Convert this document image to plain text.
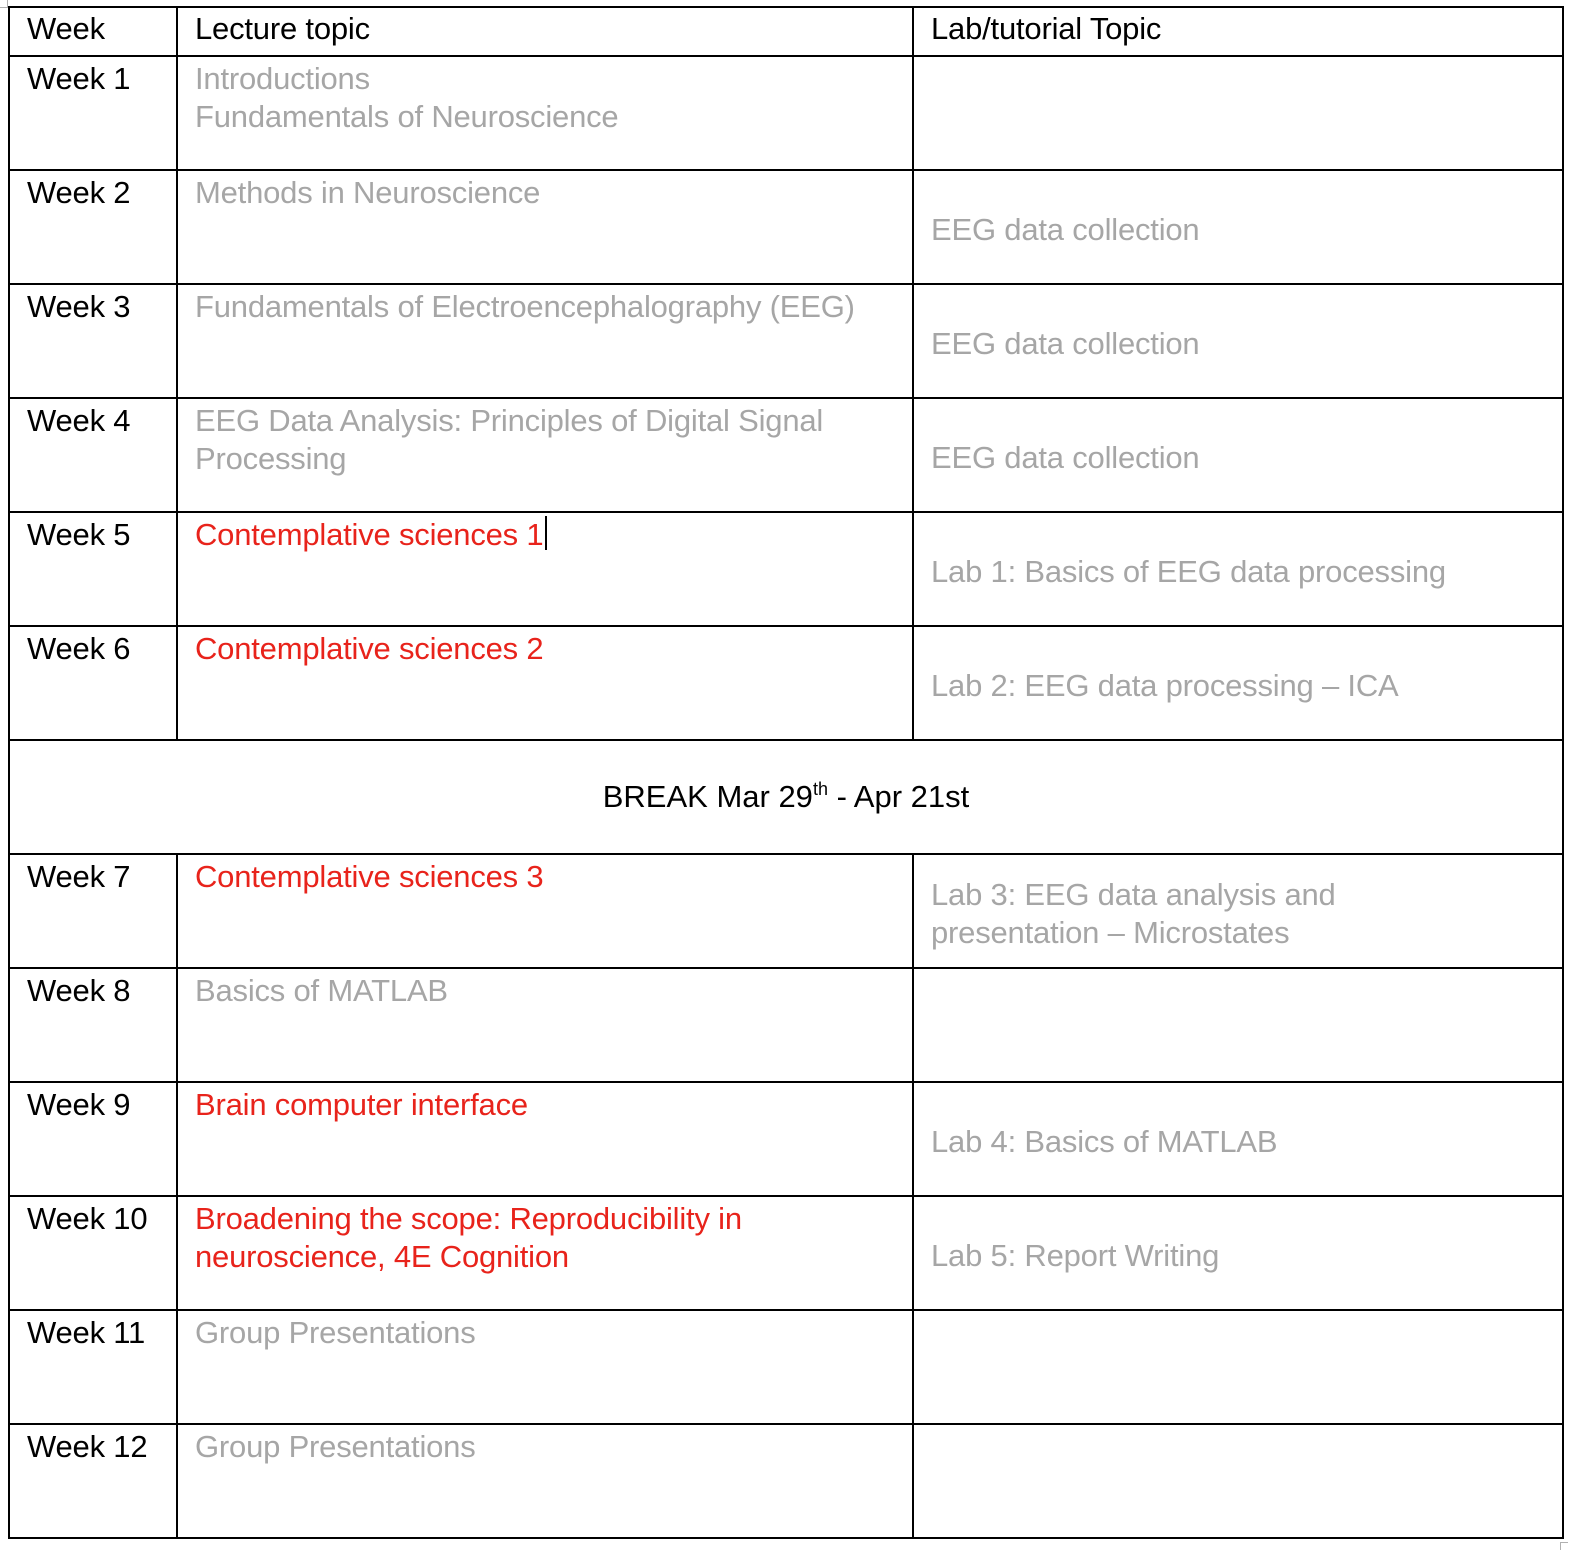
Week	Lecture topic	Lab/tutorial Topic

Week 1	Introductions
Fundamentals of Neuroscience	

Week 2	Methods in Neuroscience	EEG data collection

Week 3	Fundamentals of Electroencephalography (EEG)	EEG data collection

Week 4	EEG Data Analysis: Principles of Digital Signal
Processing	EEG data collection

Week 5	Contemplative sciences 1	Lab 1: Basics of EEG data processing

Week 6	Contemplative sciences 2	Lab 2: EEG data processing – ICA

BREAK Mar 29th - Apr 21st		

Week 7	Contemplative sciences 3	Lab 3: EEG data analysis and
presentation – Microstates

Week 8	Basics of MATLAB	

Week 9	Brain computer interface	Lab 4: Basics of MATLAB

Week 10	Broadening the scope: Reproducibility in
neuroscience, 4E Cognition	Lab 5: Report Writing

Week 11	Group Presentations	

Week 12	Group Presentations	
